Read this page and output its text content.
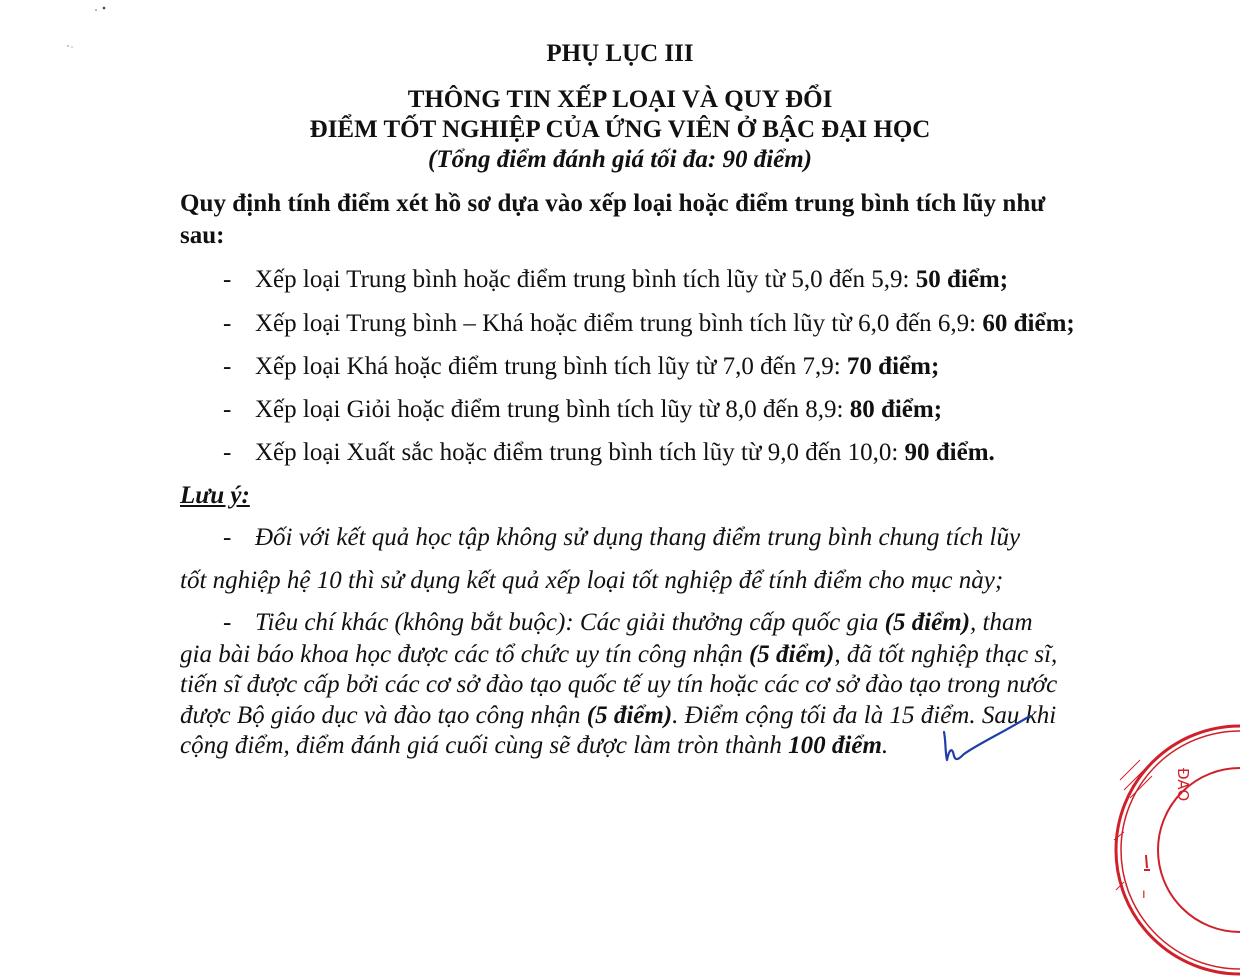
PHỤ LỤC III
THÔNG TIN XẾP LOẠI VÀ QUY ĐỔI
ĐIỂM TỐT NGHIỆP CỦA ỨNG VIÊN Ở BẬC ĐẠI HỌC
(Tổng điểm đánh giá tối đa: 90 điểm)
Quy định tính điểm xét hồ sơ dựa vào xếp loại hoặc điểm trung bình tích lũy như
sau:
- Xếp loại Trung bình hoặc điểm trung bình tích lũy từ 5,0 đến 5,9: 50 điểm;
- Xếp loại Trung bình – Khá hoặc điểm trung bình tích lũy từ 6,0 đến 6,9: 60 điểm;
- Xếp loại Khá hoặc điểm trung bình tích lũy từ 7,0 đến 7,9: 70 điểm;
- Xếp loại Giỏi hoặc điểm trung bình tích lũy từ 8,0 đến 8,9: 80 điểm;
- Xếp loại Xuất sắc hoặc điểm trung bình tích lũy từ 9,0 đến 10,0: 90 điểm.
Lưu ý:
- Đối với kết quả học tập không sử dụng thang điểm trung bình chung tích lũy
tốt nghiệp hệ 10 thì sử dụng kết quả xếp loại tốt nghiệp để tính điểm cho mục này;
- Tiêu chí khác (không bắt buộc): Các giải thưởng cấp quốc gia (5 điểm), tham
gia bài báo khoa học được các tổ chức uy tín công nhận (5 điểm), đã tốt nghiệp thạc sĩ,
tiến sĩ được cấp bởi các cơ sở đào tạo quốc tế uy tín hoặc các cơ sở đào tạo trong nước
được Bộ giáo dục và đào tạo công nhận (5 điểm). Điểm cộng tối đa là 15 điểm. Sau khi
cộng điểm, điểm đánh giá cuối cùng sẽ được làm tròn thành 100 điểm.
ĐÀO
ı
